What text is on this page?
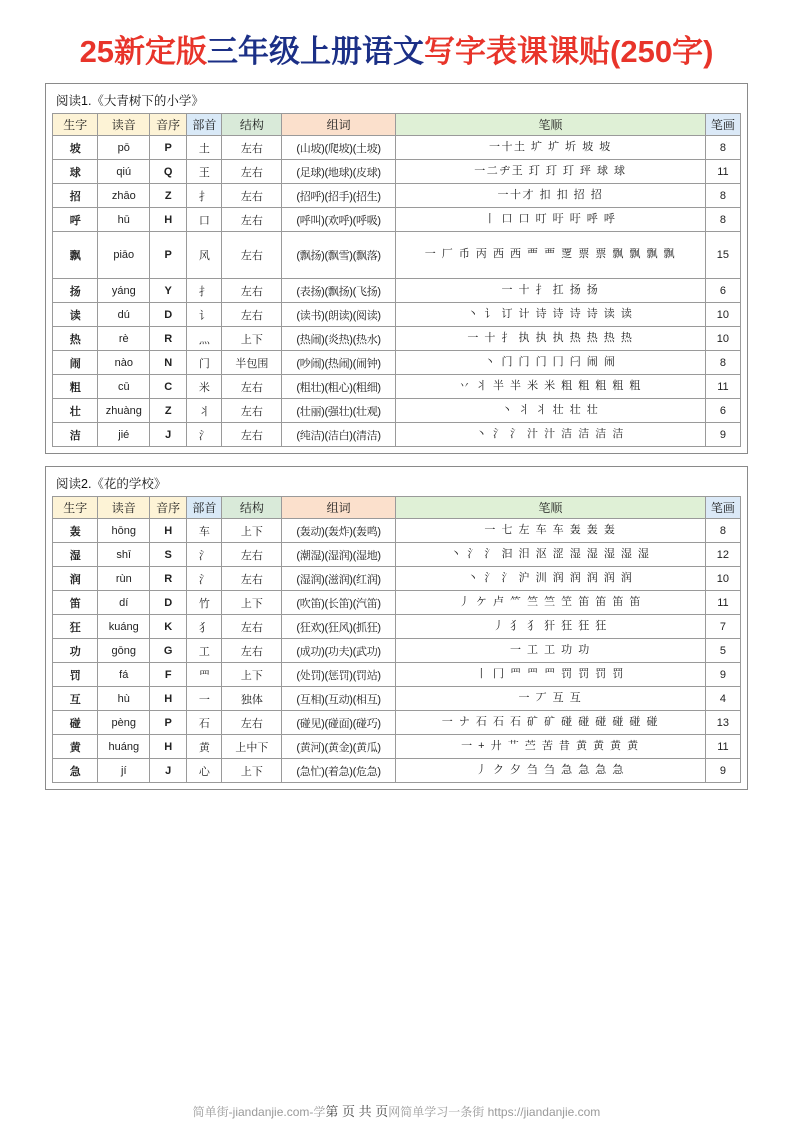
25新定版三年级上册语文写字表课课贴(250字)
阅读1.《大青树下的小学》
生字	读音	音序	部首	结构	组词	笔顺	笔画
坡	pō	P	土	左右	(山坡)(爬坡)(土坡)	一十土 圹 圹 圻 坡 坡	8
球	qiú	Q	王	左右	(足球)(地球)(皮球)	一二ヂ王 玎 玎 玎 玶 球 球	11
招	zhāo	Z	扌	左右	(招呼)(招手)(招生)	一十才 扣 扣 招 招	8
呼	hū	H	口	左右	(呼叫)(欢呼)(呼吸)	丨 口 口 叮 吁 吁 呼 呼	8
飘	piāo	P	风	左右	(飘扬)(飘雪)(飘落)	一 厂 币 丙 西 西 覀 覀 覂 票 票 飘 飘 飘 飘	15
扬	yáng	Y	扌	左右	(表扬)(飘扬)(飞扬)	一 十 扌 扛 扬 扬	6
读	dú	D	讠	左右	(读书)(朗读)(阅读)	丶 讠 订 计 诗 诗 诗 诗 读 读	10
热	rè	R	灬	上下	(热闹)(炎热)(热水)	一 十 扌 执 执 执 热 热 热 热	10
闹	nào	N	门	半包围	(吵闹)(热闹)(闹钟)	丶 门 门 门 冂 闩 闹 闹	8
粗	cū	C	米	左右	(粗壮)(粗心)(粗细)	丷 丬 半 半 米 米 粗 粗 粗 粗 粗	11
壮	zhuàng	Z	丬	左右	(壮丽)(强壮)(壮观)	丶 丬 丬 壮 壮 壮	6
洁	jié	J	氵	左右	(纯洁)(洁白)(清洁)	丶 氵 氵 汁 汁 洁 洁 洁 洁	9
阅读2.《花的学校》
生字	读音	音序	部首	结构	组词	笔顺	笔画
轰	hōng	H	车	上下	(轰动)(轰炸)(轰鸣)	一 七 左 车 车 轰 轰 轰	8
湿	shī	S	氵	左右	(潮湿)(湿润)(湿地)	丶 氵 氵 汩 汨 沤 涩 湿 湿 湿 湿 湿	12
润	rùn	R	氵	左右	(湿润)(滋润)(红润)	丶 氵 氵 沪 汌 润 润 润 润 润	10
笛	dí	D	竹	上下	(吹笛)(长笛)(汽笛)	丿 ケ 卢 ⺮ 竺 竺 笁 笛 笛 笛 笛	11
狂	kuáng	K	犭	左右	(狂欢)(狂风)(抓狂)	丿 犭 犭 犴 狂 狂 狂	7
功	gōng	G	工	左右	(成功)(功夫)(武功)	一 工 工 功 功	5
罚	fá	F	罒	上下	(处罚)(惩罚)(罚站)	丨 冂 罒 罒 罒 罚 罚 罚 罚	9
互	hù	H	一	独体	(互相)(互动)(相互)	一 丆 互 互	4
碰	pèng	P	石	左右	(碰见)(碰面)(碰巧)	一 ナ 石 石 石 矿 矿 碰 碰 碰 碰 碰 碰	13
黄	huáng	H	黄	上中下	(黄河)(黄金)(黄瓜)	一 + 廾 艹 苎 苦 昔 黄 黄 黄 黄	11
急	jí	J	心	上下	(急忙)(着急)(危急)	丿 ク 夕 刍 刍 急 急 急 急	9
简单街-jiandanjie.com-学第 页 共 页网简单学习一条街 https://jiandanjie.com
